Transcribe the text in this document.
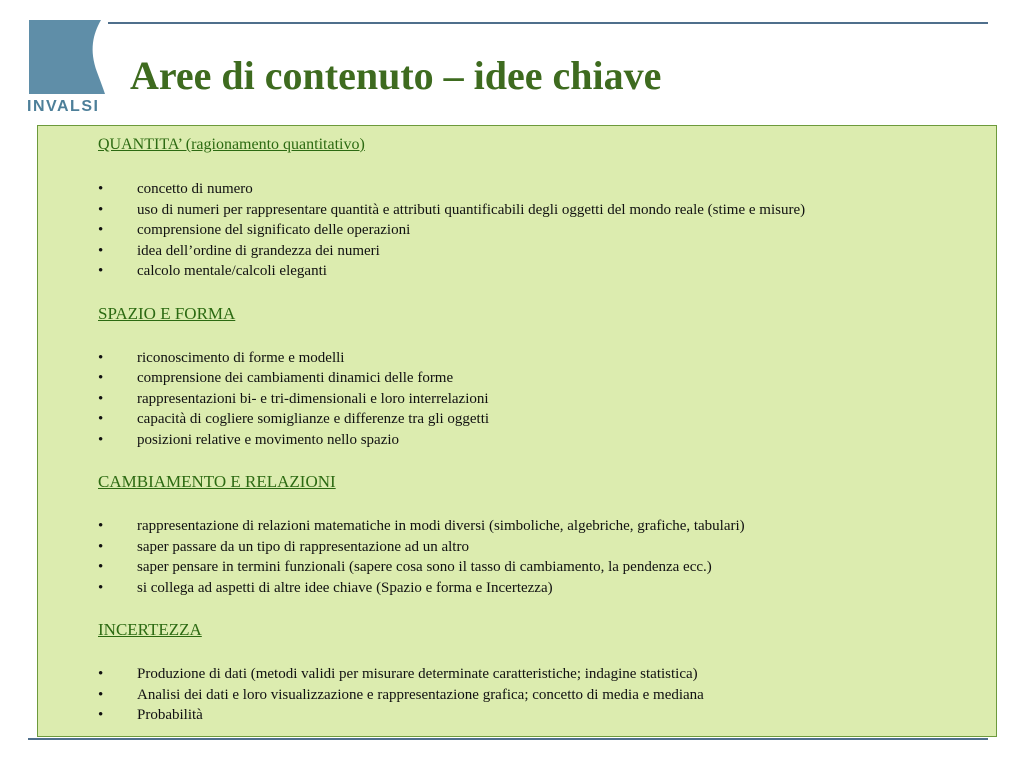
INVALSI
Aree di contenuto – idee chiave
QUANTITA’ (ragionamento quantitativo)
• concetto di numero
• uso di numeri per rappresentare quantità e attributi quantificabili degli oggetti del mondo reale (stime e misure)
• comprensione del significato delle operazioni
• idea dell’ordine di grandezza dei numeri
• calcolo mentale/calcoli eleganti
SPAZIO E FORMA
• riconoscimento di forme e modelli
• comprensione dei cambiamenti dinamici delle forme
• rappresentazioni bi- e tri-dimensionali e loro interrelazioni
• capacità di cogliere somiglianze e differenze tra gli oggetti
• posizioni relative e movimento nello spazio
CAMBIAMENTO E RELAZIONI
• rappresentazione di relazioni matematiche in modi diversi (simboliche, algebriche, grafiche, tabulari)
• saper passare da un tipo di rappresentazione ad un altro
• saper pensare in termini funzionali (sapere cosa sono il tasso di cambiamento, la pendenza ecc.)
• si collega ad aspetti di altre idee chiave (Spazio e forma e Incertezza)
INCERTEZZA
• Produzione di dati (metodi validi per misurare determinate caratteristiche; indagine statistica)
• Analisi dei dati e loro visualizzazione e rappresentazione grafica; concetto di media e mediana
• Probabilità
